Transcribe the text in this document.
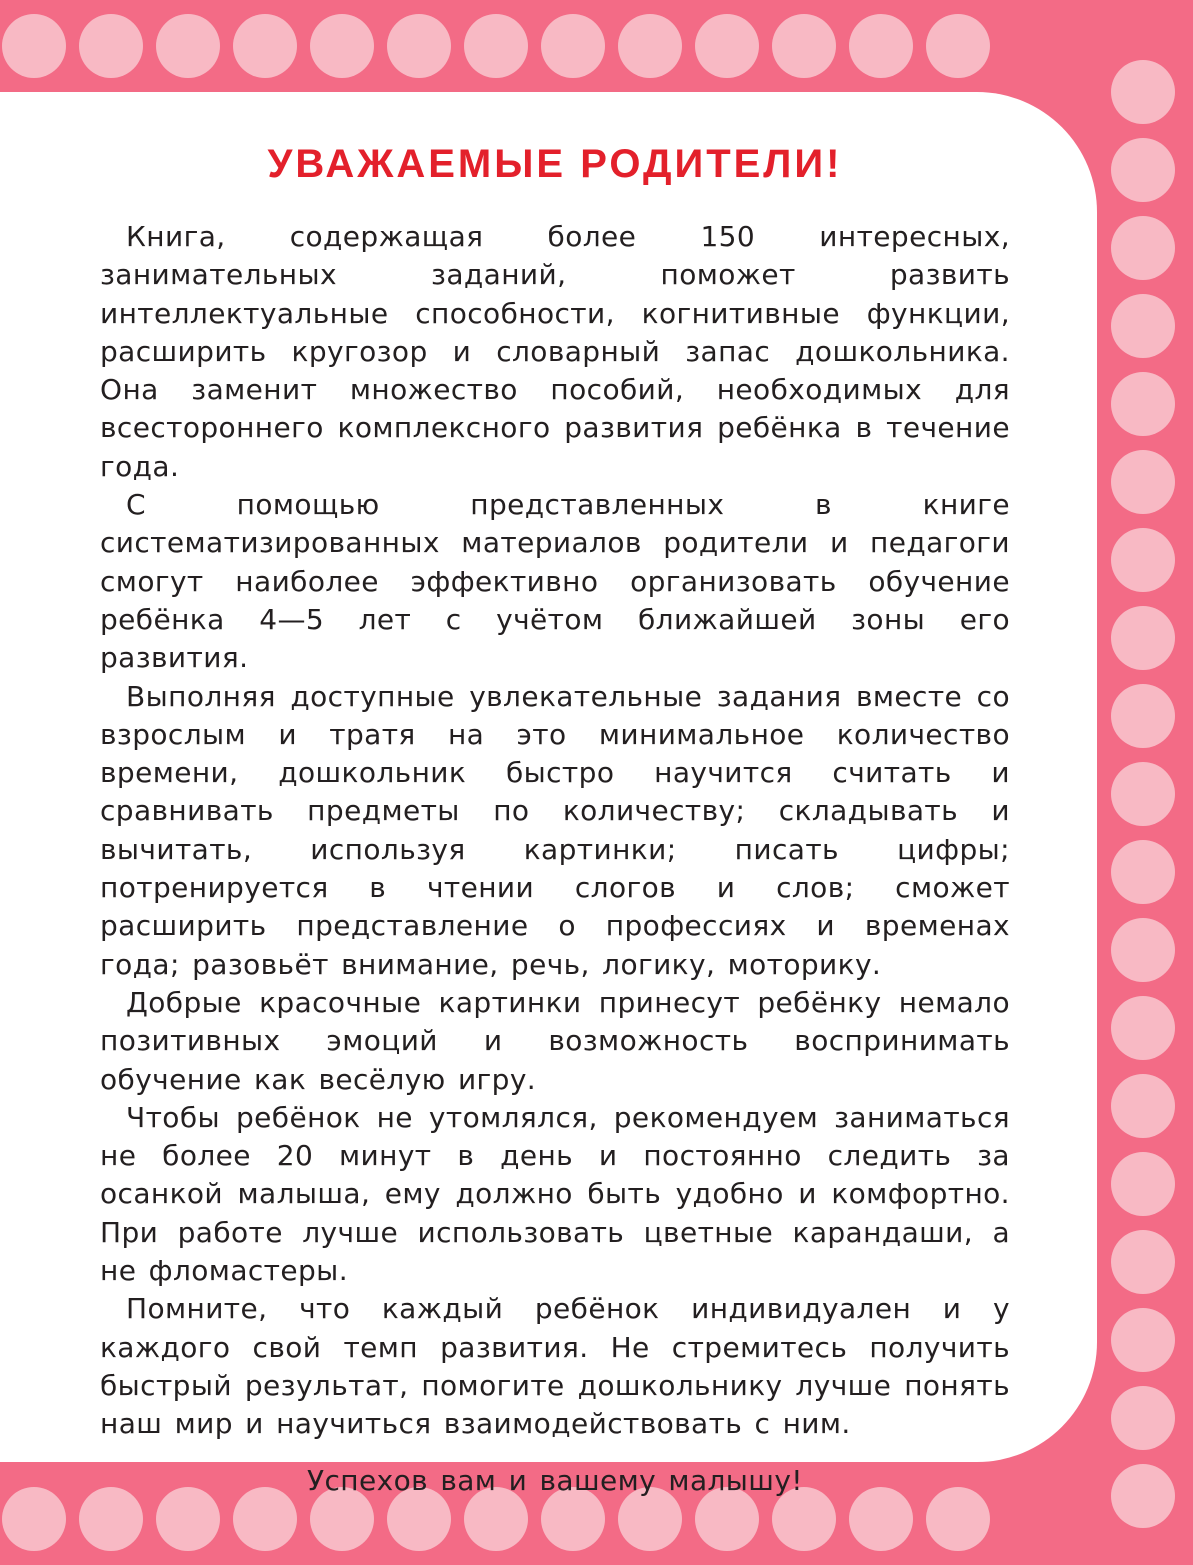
УВАЖАЕМЫЕ РОДИТЕЛИ!

Книга, содержащая более 150 интересных, занимательных заданий, поможет развить интеллектуальные способности, когнитивные функции, расширить кругозор и словарный запас дошкольника. Она заменит множество пособий, необходимых для всестороннего комплексного развития ребёнка в течение года.

С помощью представленных в книге систематизированных материалов родители и педагоги смогут наиболее эффективно организовать обучение ребёнка 4—5 лет с учётом ближайшей зоны его развития.

Выполняя доступные увлекательные задания вместе со взрослым и тратя на это минимальное количество времени, дошкольник быстро научится считать и сравнивать предметы по количеству; складывать и вычитать, используя картинки; писать цифры; потренируется в чтении слогов и слов; сможет расширить представление о профессиях и временах года; разовьёт внимание, речь, логику, моторику.

Добрые красочные картинки принесут ребёнку немало позитивных эмоций и возможность воспринимать обучение как весёлую игру.

Чтобы ребёнок не утомлялся, рекомендуем заниматься не более 20 минут в день и постоянно следить за осанкой малыша, ему должно быть удобно и комфортно. При работе лучше использовать цветные карандаши, а не фломастеры.

Помните, что каждый ребёнок индивидуален и у каждого свой темп развития. Не стремитесь получить быстрый результат, помогите дошкольнику лучше понять наш мир и научиться взаимодействовать с ним.

Успехов вам и вашему малышу!
